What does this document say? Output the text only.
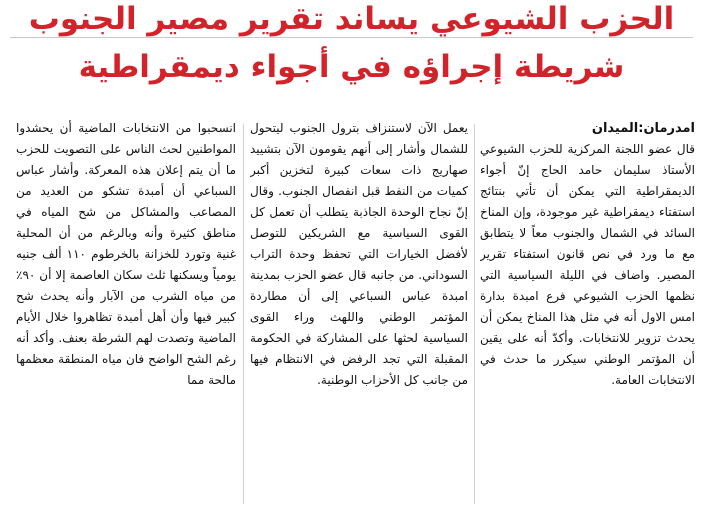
الحزب الشيوعي يساند تقرير مصير الجنوب
شريطة إجراؤه في أجواء ديمقراطية
امدرمان:الميدان

قال عضو اللجنة المركزية للحزب الشيوعي الأستاذ سليمان حامد الحاج إنّ أجواء الديمقراطية التي يمكن أن تأتي بنتائج استفتاء ديمقراطية غير موجودة، وإن المناخ السائد في الشمال والجنوب معاً لا يتطابق مع ما ورد في نص قانون استفتاء تقرير المصير. واضاف في الليلة السياسية التي نظمها الحزب الشيوعي فرع امبدة بدارة امس الاول أنه في مثل هذا المناخ يمكن أن يحدث تزوير للانتخابات. وأكدّ أنه على يقين أن المؤتمر الوطني سيكرر ما حدث في الانتخابات العامة.

يعمل الآن لاستنزاف بترول الجنوب ليتحول للشمال وأشار إلى أنهم يقومون الآن بتشييد صهاريج ذات سعات كبيرة لتخزين أكبر كميات من النفط قبل انفصال الجنوب. وقال إنّ نجاح الوحدة الجاذبة يتطلب أن تعمل كل القوى السياسية مع الشريكين للتوصل لأفضل الخيارات التي تحفظ وحدة التراب السوداني. من جانبه قال عضو الحزب بمدينة امبدة عباس السباعي إلى أن مطاردة المؤتمر الوطني واللهث وراء القوى السياسية لحثها على المشاركة في الحكومة المقبلة التي تجد الرفض في الانتظام فيها من جانب كل الأحزاب الوطنية.

انسحبوا من الانتخابات الماضية أن يحشدوا المواطنين لحث الناس على التصويت للحزب ما أن يتم إعلان هذه المعركة. وأشار عباس السباعي أن أمبدة تشكو من العديد من المصاعب والمشاكل من شح المياه في مناطق كثيرة وأنه وبالرغم من أن المحلية غنية وتورد للخزانة بالخرطوم ١١٠ ألف جنيه يومياً ويسكنها ثلث سكان العاصمة إلا أن ٩٠٪ من مياه الشرب من الآبار وأنه يحدث شح كبير فيها وأن أهل أمبدة تظاهروا خلال الأيام الماضية وتصدت لهم الشرطة بعنف. وأكد أنه رغم الشح الواضح فان مياه المنطقة معظمها مالحة مما
